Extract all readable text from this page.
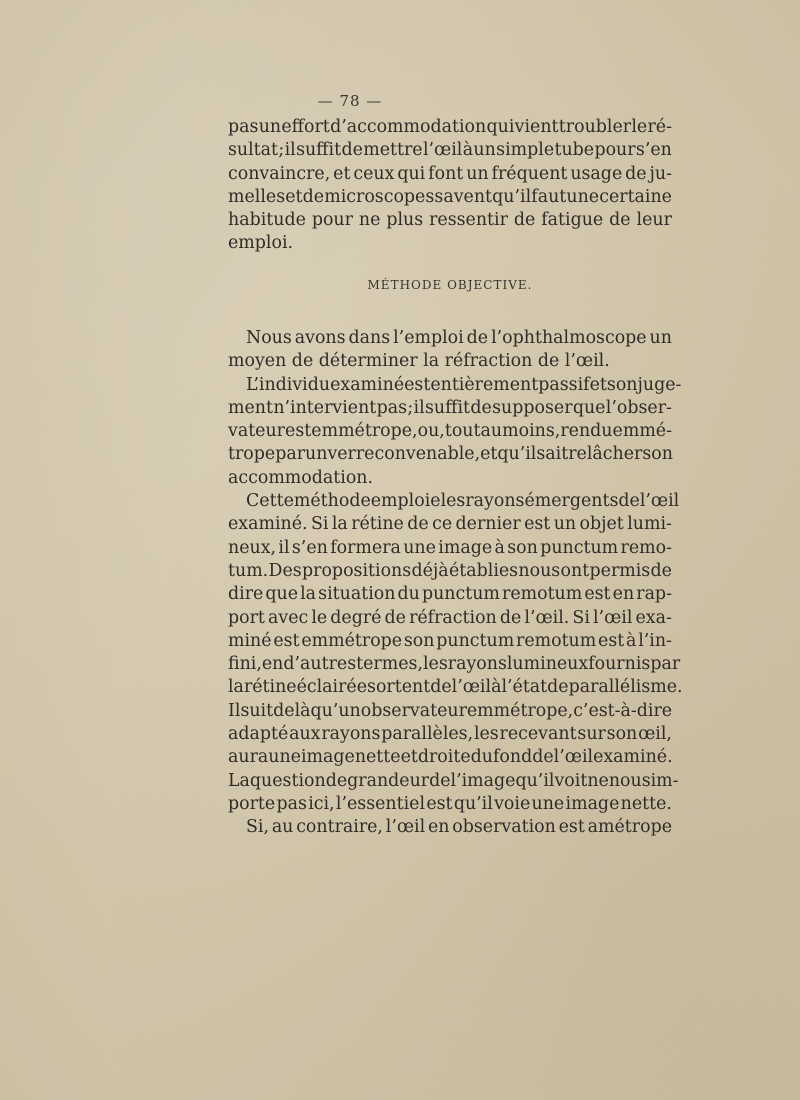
— 78 —
pas un effort d’accommodation qui vient troubler le ré-
sultat ; il suffit de mettre l’œil à un simple tube pour s’en
convaincre, et ceux qui font un fréquent usage de ju-
melles et de microscopes savent qu’il faut une certaine
habitude pour ne plus ressentir de fatigue de leur
emploi.
MÉTHODE OBJECTIVE.
Nous avons dans l’emploi de l’ophthalmoscope un
moyen de déterminer la réfraction de l’œil.
L’individu examiné est entièrement passif et son juge-
ment n’intervient pas ; il suffit de supposer que l’obser-
vateur est emmétrope, ou, tout au moins, rendu emmé-
trope par un verre convenable, et qu’il sait relâcher son
accommodation.
Cette méthode emploie les rayons émergents de l’œil
examiné. Si la rétine de ce dernier est un objet lumi-
neux, il s’en formera une image à son punctum remo-
tum. Des propositions déjà établies nous ont permis de
dire que la situation du punctum remotum est en rap-
port avec le degré de réfraction de l’œil. Si l’œil exa-
miné est emmétrope son punctum remotum est à l’in-
fini, en d’autres termes, les rayons lumineux fournis par
la rétine éclairée sortent de l’œil à l’état de parallélisme.
Il suit de là qu’un observateur emmétrope, c’est-à-dire
adapté aux rayons parallèles, les recevant sur son œil,
aura une image nette et droite du fond de l’œil examiné.
La question de grandeur de l’image qu’il voit ne nous im-
porte pas ici, l’essentiel est qu’il voie une image nette.
Si, au contraire, l’œil en observation est amétrope
